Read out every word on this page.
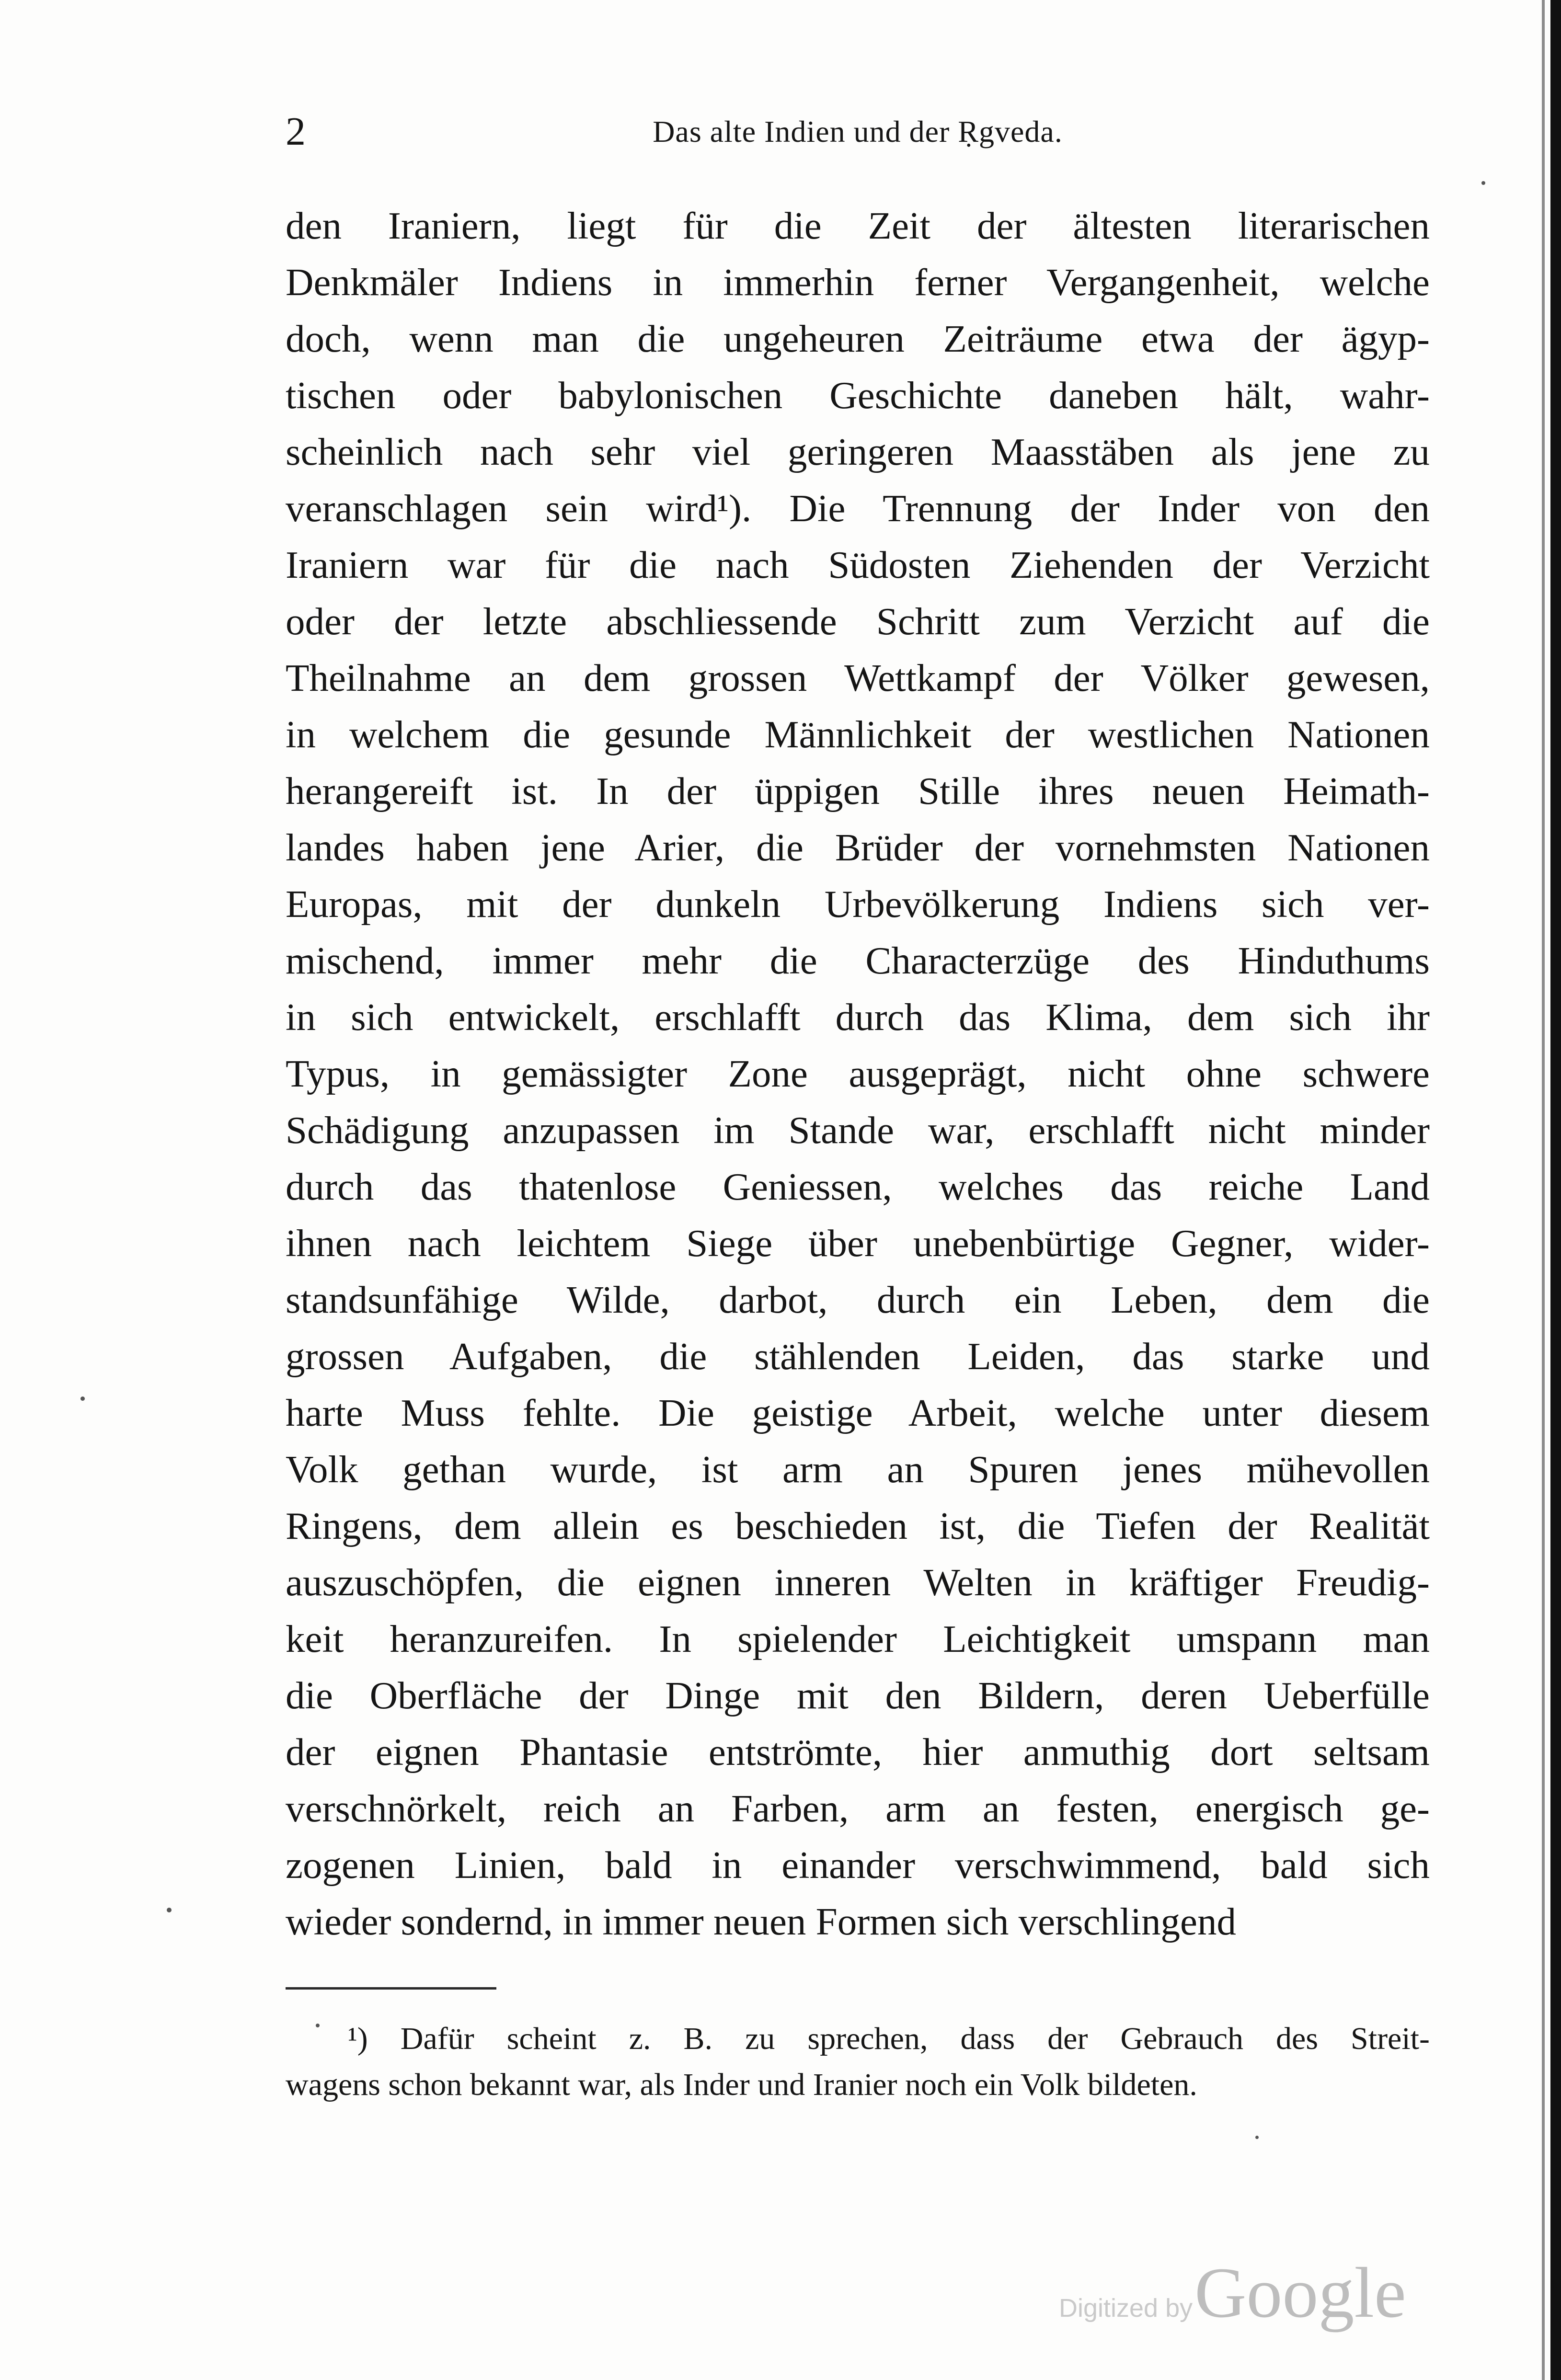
2	Das alte Indien und der Ṛgveda.
den Iraniern, liegt für die Zeit der ältesten literarischen
Denkmäler Indiens in immerhin ferner Vergangenheit, welche
doch, wenn man die ungeheuren Zeiträume etwa der ägyp-
tischen oder babylonischen Geschichte daneben hält, wahr-
scheinlich nach sehr viel geringeren Maasstäben als jene zu
veranschlagen sein wird¹). Die Trennung der Inder von den
Iraniern war für die nach Südosten Ziehenden der Verzicht
oder der letzte abschliessende Schritt zum Verzicht auf die
Theilnahme an dem grossen Wettkampf der Völker gewesen,
in welchem die gesunde Männlichkeit der westlichen Nationen
herangereift ist. In der üppigen Stille ihres neuen Heimath-
landes haben jene Arier, die Brüder der vornehmsten Nationen
Europas, mit der dunkeln Urbevölkerung Indiens sich ver-
mischend, immer mehr die Characterzüge des Hinduthums
in sich entwickelt, erschlafft durch das Klima, dem sich ihr
Typus, in gemässigter Zone ausgeprägt, nicht ohne schwere
Schädigung anzupassen im Stande war, erschlafft nicht minder
durch das thatenlose Geniessen, welches das reiche Land
ihnen nach leichtem Siege über unebenbürtige Gegner, wider-
standsunfähige Wilde, darbot, durch ein Leben, dem die
grossen Aufgaben, die stählenden Leiden, das starke und
harte Muss fehlte. Die geistige Arbeit, welche unter diesem
Volk gethan wurde, ist arm an Spuren jenes mühevollen
Ringens, dem allein es beschieden ist, die Tiefen der Realität
auszuschöpfen, die eignen inneren Welten in kräftiger Freudig-
keit heranzureifen. In spielender Leichtigkeit umspann man
die Oberfläche der Dinge mit den Bildern, deren Ueberfülle
der eignen Phantasie entströmte, hier anmuthig dort seltsam
verschnörkelt, reich an Farben, arm an festen, energisch ge-
zogenen Linien, bald in einander verschwimmend, bald sich
wieder sondernd, in immer neuen Formen sich verschlingend
¹) Dafür scheint z. B. zu sprechen, dass der Gebrauch des Streit-
wagens schon bekannt war, als Inder und Iranier noch ein Volk bildeten.
Digitized by Google
